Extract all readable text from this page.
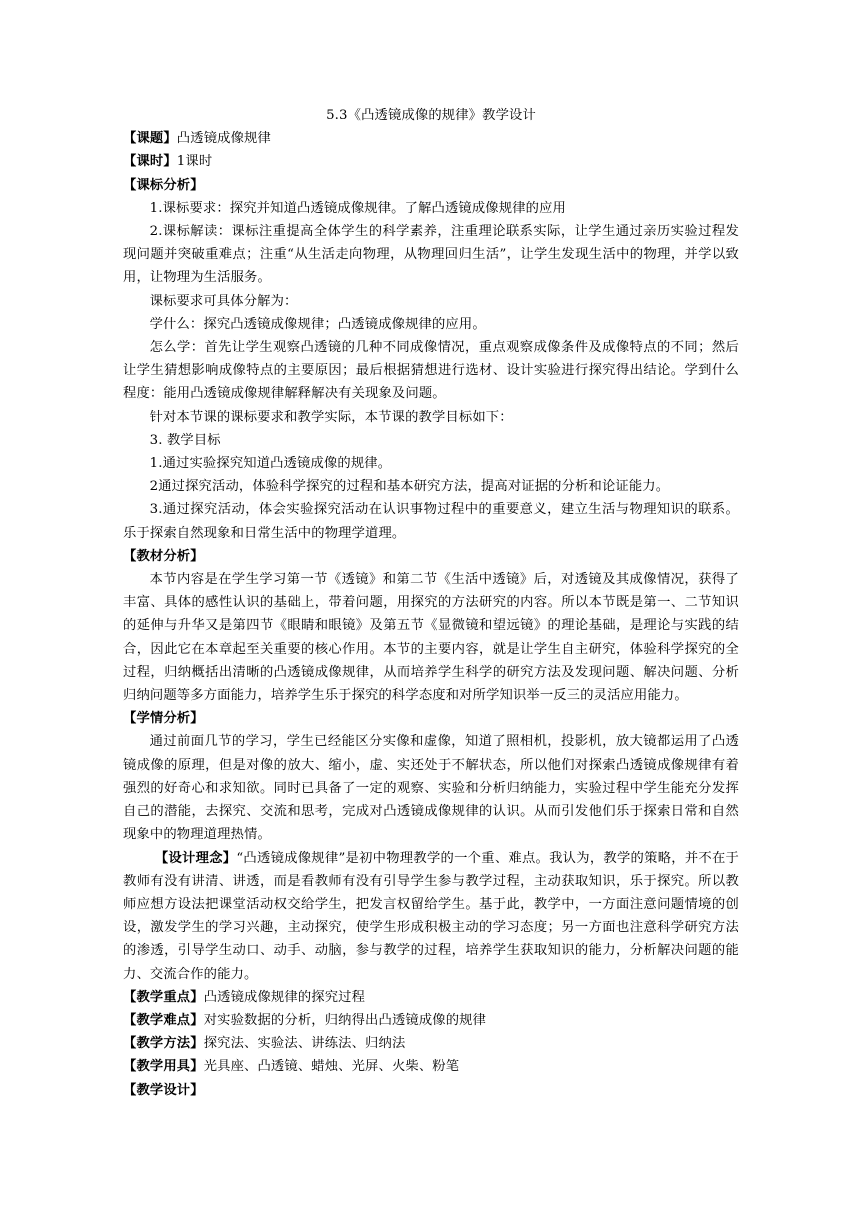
5.3《凸透镜成像的规律》教学设计

【课题】凸透镜成像规律

【课时】1课时

【课标分析】

1.课标要求：探究并知道凸透镜成像规律。了解凸透镜成像规律的应用

2.课标解读：课标注重提高全体学生的科学素养，注重理论联系实际，让学生通过亲历实验过程发现问题并突破重难点；注重“从生活走向物理，从物理回归生活”，让学生发现生活中的物理，并学以致用，让物理为生活服务。

课标要求可具体分解为：

学什么：探究凸透镜成像规律；凸透镜成像规律的应用。

怎么学：首先让学生观察凸透镜的几种不同成像情况，重点观察成像条件及成像特点的不同；然后让学生猜想影响成像特点的主要原因；最后根据猜想进行选材、设计实验进行探究得出结论。学到什么程度：能用凸透镜成像规律解释解决有关现象及问题。

针对本节课的课标要求和教学实际，本节课的教学目标如下：

3. 教学目标

1.通过实验探究知道凸透镜成像的规律。

2通过探究活动，体验科学探究的过程和基本研究方法，提高对证据的分析和论证能力。

3.通过探究活动，体会实验探究活动在认识事物过程中的重要意义，建立生活与物理知识的联系。乐于探索自然现象和日常生活中的物理学道理。

【教材分析】

本节内容是在学生学习第一节《透镜》和第二节《生活中透镜》后，对透镜及其成像情况，获得了丰富、具体的感性认识的基础上，带着问题，用探究的方法研究的内容。所以本节既是第一、二节知识的延伸与升华又是第四节《眼睛和眼镜》及第五节《显微镜和望远镜》的理论基础，是理论与实践的结合，因此它在本章起至关重要的核心作用。本节的主要内容，就是让学生自主研究，体验科学探究的全过程，归纳概括出清晰的凸透镜成像规律，从而培养学生科学的研究方法及发现问题、解决问题、分析归纳问题等多方面能力，培养学生乐于探究的科学态度和对所学知识举一反三的灵活应用能力。

【学情分析】

通过前面几节的学习，学生已经能区分实像和虚像，知道了照相机，投影机，放大镜都运用了凸透镜成像的原理，但是对像的放大、缩小，虚、实还处于不解状态，所以他们对探索凸透镜成像规律有着强烈的好奇心和求知欲。同时已具备了一定的观察、实验和分析归纳能力，实验过程中学生能充分发挥自己的潜能，去探究、交流和思考，完成对凸透镜成像规律的认识。从而引发他们乐于探索日常和自然现象中的物理道理热情。

【设计理念】“凸透镜成像规律”是初中物理教学的一个重、难点。我认为，教学的策略，并不在于教师有没有讲清、讲透，而是看教师有没有引导学生参与教学过程，主动获取知识，乐于探究。所以教师应想方设法把课堂活动权交给学生，把发言权留给学生。基于此，教学中，一方面注意问题情境的创设，激发学生的学习兴趣，主动探究，使学生形成积极主动的学习态度；另一方面也注意科学研究方法的渗透，引导学生动口、动手、动脑，参与教学的过程，培养学生获取知识的能力，分析解决问题的能力、交流合作的能力。

【教学重点】凸透镜成像规律的探究过程

【教学难点】对实验数据的分析，归纳得出凸透镜成像的规律

【教学方法】探究法、实验法、讲练法、归纳法

【教学用具】光具座、凸透镜、蜡烛、光屏、火柴、粉笔

【教学设计】
